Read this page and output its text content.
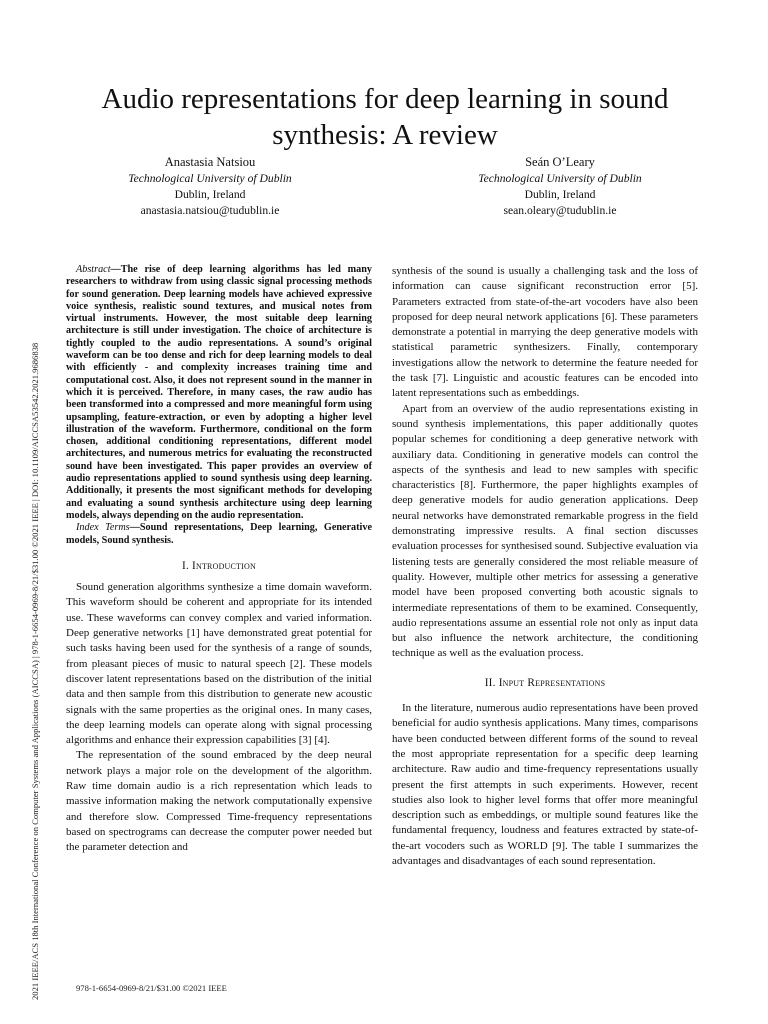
2021 IEEE/ACS 18th International Conference on Computer Systems and Applications (AICCSA) | 978-1-6654-0969-8/21/$31.00 ©2021 IEEE | DOI: 10.1109/AICCSA53542.2021.9686838
Audio representations for deep learning in sound synthesis: A review
Anastasia Natsiou
Technological University of Dublin
Dublin, Ireland
anastasia.natsiou@tudublin.ie
Seán O’Leary
Technological University of Dublin
Dublin, Ireland
sean.oleary@tudublin.ie

Abstract—The rise of deep learning algorithms has led many researchers to withdraw from using classic signal processing methods for sound generation. Deep learning models have achieved expressive voice synthesis, realistic sound textures, and musical notes from virtual instruments. However, the most suitable deep learning architecture is still under investigation. The choice of architecture is tightly coupled to the audio representations. A sound’s original waveform can be too dense and rich for deep learning models to deal with efficiently - and complexity increases training time and computational cost. Also, it does not represent sound in the manner in which it is perceived. Therefore, in many cases, the raw audio has been transformed into a compressed and more meaningful form using upsampling, feature-extraction, or even by adopting a higher level illustration of the waveform. Furthermore, conditional on the form chosen, additional conditioning representations, different model architectures, and numerous metrics for evaluating the reconstructed sound have been investigated. This paper provides an overview of audio representations applied to sound synthesis using deep learning. Additionally, it presents the most significant methods for developing and evaluating a sound synthesis architecture using deep learning models, always depending on the audio representation.

Index Terms—Sound representations, Deep learning, Generative models, Sound synthesis.

I. Introduction

Sound generation algorithms synthesize a time domain waveform. This waveform should be coherent and appropriate for its intended use. These waveforms can convey complex and varied information. Deep generative networks [1] have demonstrated great potential for such tasks having been used for the synthesis of a range of sounds, from pleasant pieces of music to natural speech [2]. These models discover latent representations based on the distribution of the initial data and then sample from this distribution to generate new acoustic signals with the same properties as the original ones. In many cases, the deep learning models can operate along with signal processing algorithms and enhance their expression capabilities [3] [4].

The representation of the sound embraced by the deep neural network plays a major role on the development of the algorithm. Raw time domain audio is a rich representation which leads to massive information making the network computationally expensive and therefore slow. Compressed Time-frequency representations based on spectrograms can decrease the computer power needed but the parameter detection and

synthesis of the sound is usually a challenging task and the loss of information can cause significant reconstruction error [5]. Parameters extracted from state-of-the-art vocoders have also been proposed for deep neural network applications [6]. These parameters demonstrate a potential in marrying the deep generative models with statistical parametric synthesizers. Finally, contemporary investigations allow the network to determine the feature needed for the task [7]. Linguistic and acoustic features can be encoded into latent representations such as embeddings.

Apart from an overview of the audio representations existing in sound synthesis implementations, this paper additionally quotes popular schemes for conditioning a deep generative network with auxiliary data. Conditioning in generative models can control the aspects of the synthesis and lead to new samples with specific characteristics [8]. Furthermore, the paper highlights examples of deep generative models for audio generation applications. Deep neural networks have demonstrated remarkable progress in the field demonstrating impressive results. A final section discusses evaluation processes for synthesised sound. Subjective evaluation via listening tests are generally considered the most reliable measure of quality. However, multiple other metrics for assessing a generative model have been proposed converting both acoustic signals to intermediate representations of them to be examined. Consequently, audio representations assume an essential role not only as input data but also influence the network architecture, the conditioning technique as well as the evaluation process.

II. Input Representations

In the literature, numerous audio representations have been proved beneficial for audio synthesis applications. Many times, comparisons have been conducted between different forms of the sound to reveal the most appropriate representation for a specific deep learning architecture. Raw audio and time-frequency representations usually present the first attempts in such experiments. However, recent studies also look to higher level forms that offer more meaningful description such as embeddings, or multiple sound features like the fundamental frequency, loudness and features extracted by state-of-the-art vocoders such as WORLD [9]. The table I summarizes the advantages and disadvantages of each sound representation.

978-1-6654-0969-8/21/$31.00 ©2021 IEEE
